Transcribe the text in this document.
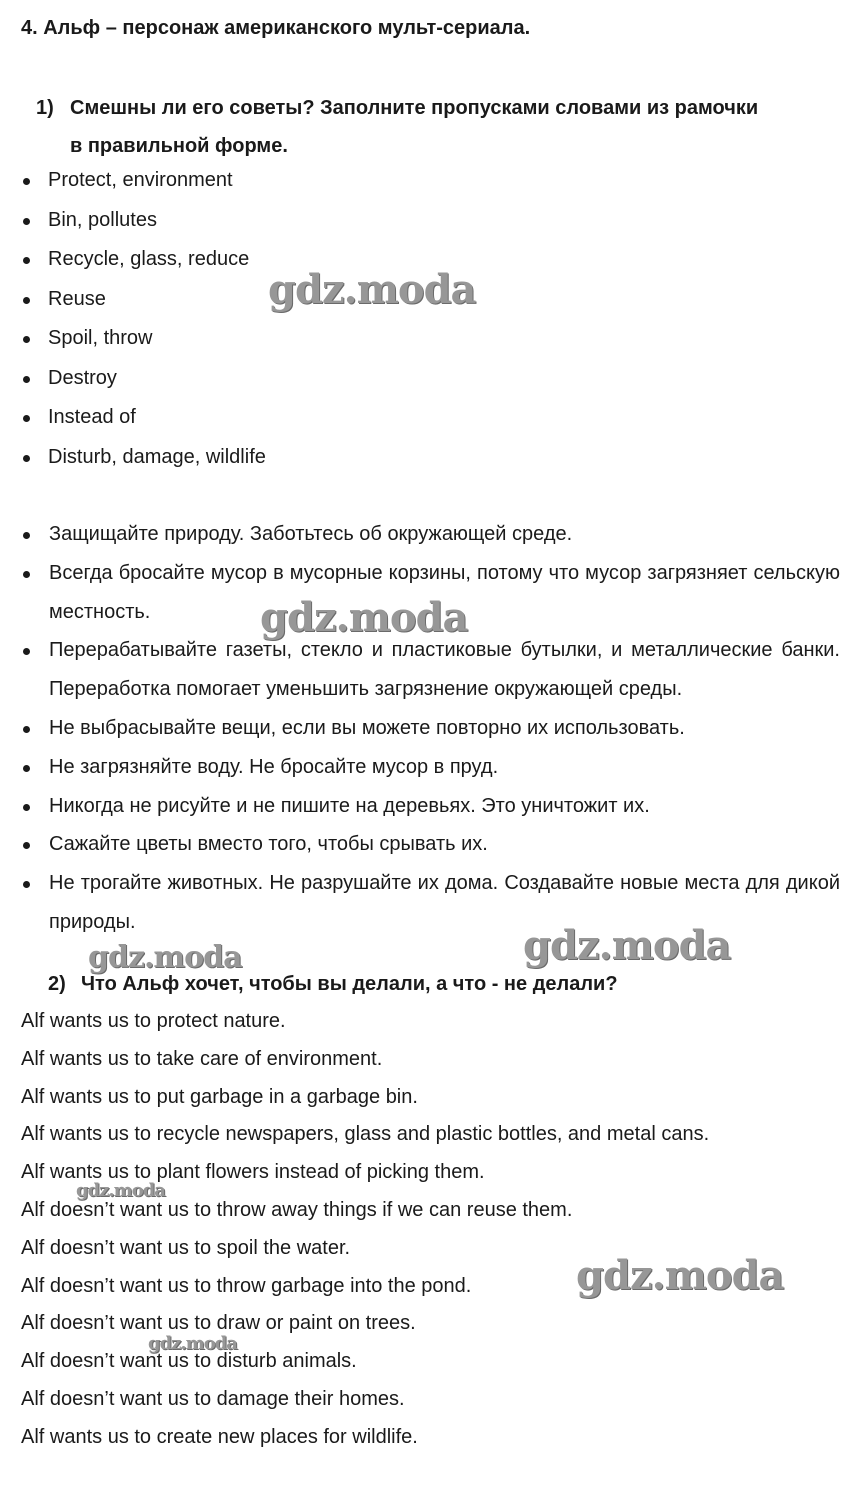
4. Альф – персонаж американского мульт-сериала.
1) Смешны ли его советы? Заполните пропусками словами из рамочки
в правильной форме.
Protect, environment
Bin, pollutes
Recycle, glass, reduce
Reuse
Spoil, throw
Destroy
Instead of
Disturb, damage, wildlife
Защищайте природу. Заботьтесь об окружающей среде.
Всегда бросайте мусор в мусорные корзины, потому что мусор загрязняет сельскую местность.
Перерабатывайте газеты, стекло и пластиковые бутылки, и металлические банки. Переработка помогает уменьшить загрязнение окружающей среды.
Не выбрасывайте вещи, если вы можете повторно их использовать.
Не загрязняйте воду. Не бросайте мусор в пруд.
Никогда не рисуйте и не пишите на деревьях. Это уничтожит их.
Сажайте цветы вместо того, чтобы срывать их.
Не трогайте животных. Не разрушайте их дома. Создавайте новые места для дикой природы.
2) Что Альф хочет, чтобы вы делали, а что - не делали?
Alf wants us to protect nature.
Alf wants us to take care of environment.
Alf wants us to put garbage in a garbage bin.
Alf wants us to recycle newspapers, glass and plastic bottles, and metal cans.
Alf wants us to plant flowers instead of picking them.
Alf doesn’t want us to throw away things if we can reuse them.
Alf doesn’t want us to spoil the water.
Alf doesn’t want us to throw garbage into the pond.
Alf doesn’t want us to draw or paint on trees.
Alf doesn’t want us to disturb animals.
Alf doesn’t want us to damage their homes.
Alf wants us to create new places for wildlife.
gdz.moda
gdz.moda
gdz.moda	gdz.moda
gdz.moda
gdz.moda
gdz.moda
